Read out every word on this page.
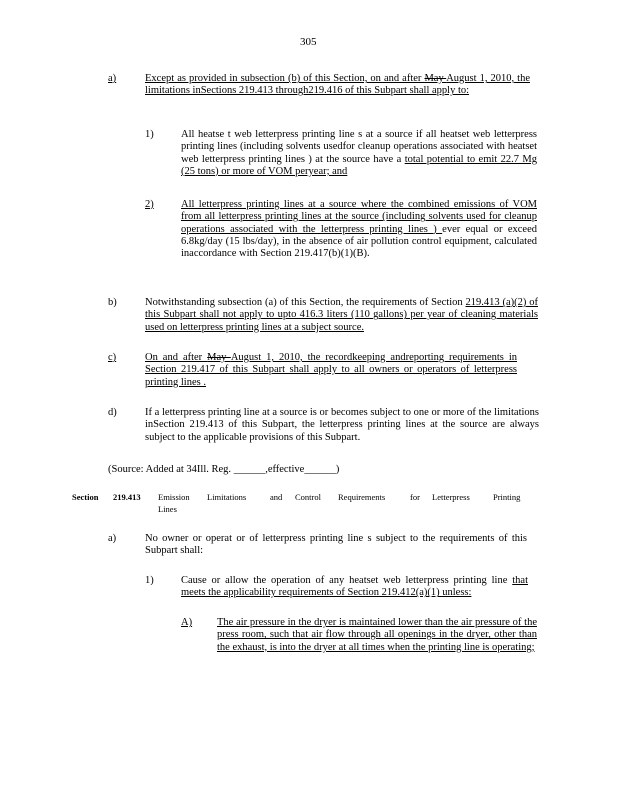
305
a)	Except as provided in subsection (b) of this Section, on and after May August 1, 2010, the limitations inSections 219.413 through219.416 of this Subpart shall apply to:
1)	All heatse t web letterpress printing line s at a source if all heatset web letterpress printing lines (including solvents usedfor cleanup operations associated with heatset web letterpress printing lines ) at the source have a total potential to emit 22.7 Mg (25 tons) or more of VOM peryear; and
2)	All letterpress printing lines at a source where the combined emissions of VOM from all letterpress printing lines at the source (including solvents used for cleanup operations associated with the letterpress printing lines ) ever equal or exceed 6.8kg/day (15 lbs/day), in the absence of air pollution control equipment, calculated inaccordance with Section 219.417(b)(1)(B).
b)	Notwithstanding subsection (a) of this Section, the requirements of Section 219.413 (a)(2) of this Subpart shall not apply to upto 416.3 liters (110 gallons) per year of cleaning materials used on letterpress printing lines at a subject source.
c)	On and after May August 1, 2010, the recordkeeping andreporting requirements in Section 219.417 of this Subpart shall apply to all owners or operators of letterpress printing lines .
d)	If a letterpress printing line at a source is or becomes subject to one or more of the limitations inSection 219.413 of this Subpart, the letterpress printing lines at the source are always subject to the applicable provisions of this Subpart.
(Source: Added at 34Ill. Reg. ______,effective______)
Section 219.413 Emission
Lines
Limitations	and Control Requirements	for Letterpress	Printing
a)	No owner or operat or of letterpress printing line s subject to the requirements of this Subpart shall:
1)	Cause or allow the operation of any heatset web letterpress printing line that meets the applicability requirements of Section 219.412(a)(1) unless:
A) The air pressure in the dryer is maintained lower than the air pressure of the press room, such that air flow through all openings in the dryer, other than the exhaust, is into the dryer at all times when the printing line is operating;
